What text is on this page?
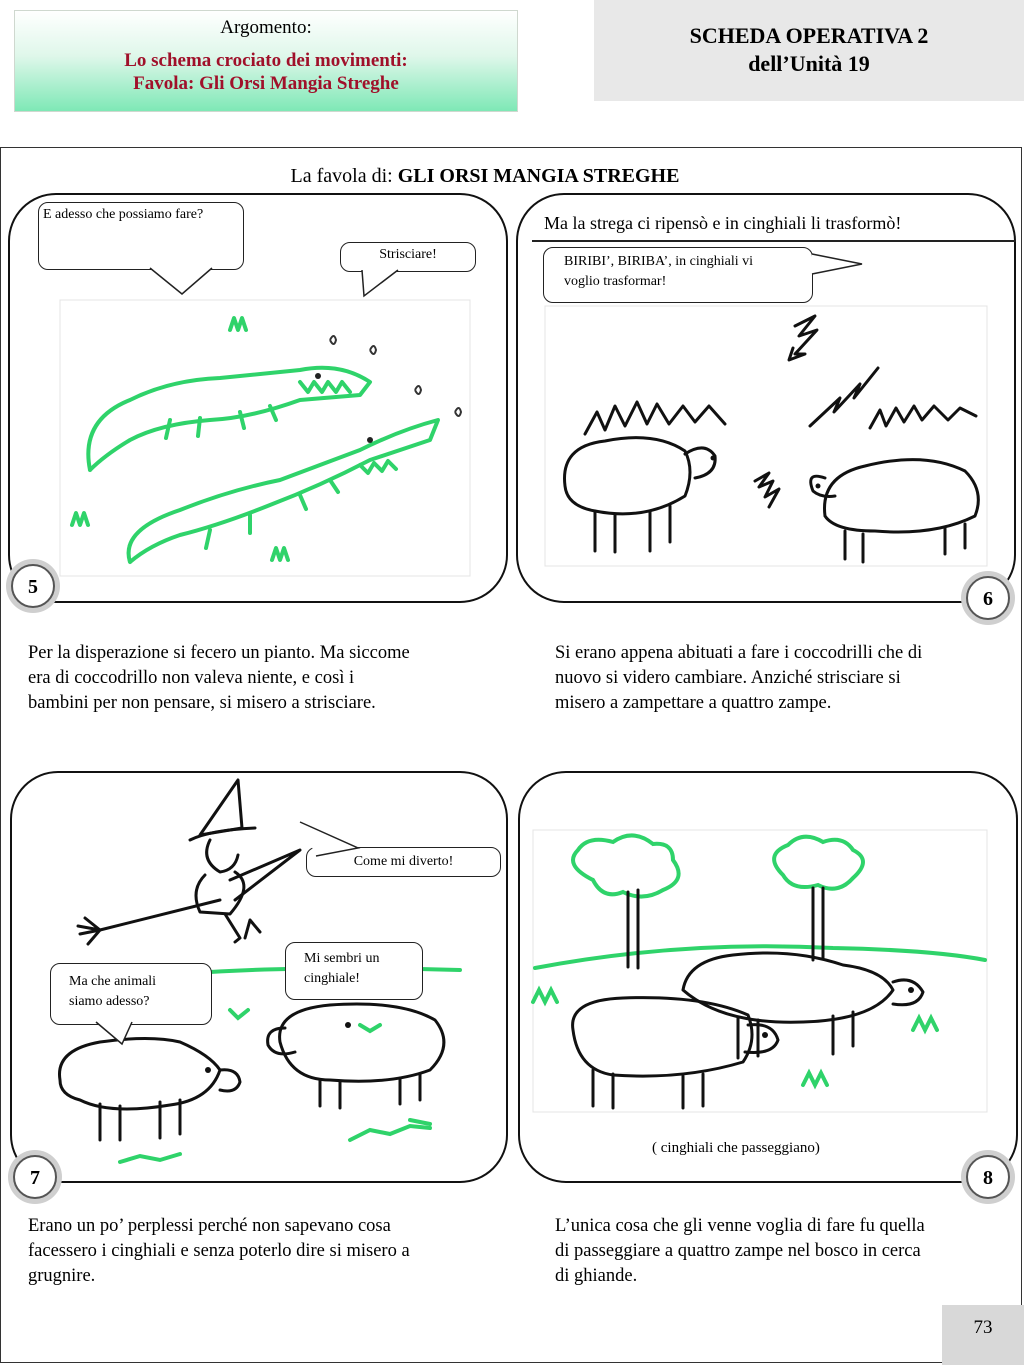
Argomento:
Lo schema crociato dei movimenti:
Favola: Gli Orsi Mangia Streghe
SCHEDA OPERATIVA 2
dell’Unità 19
La favola di: GLI ORSI MANGIA STREGHE
E adesso che possiamo fare?
Strisciare!
5
Ma la strega ci ripensò e in cinghiali li trasformò!
BIRIBI’, BIRIBA’, in cinghiali vi voglio trasformar!
6
Per la disperazione si fecero un pianto. Ma siccome era di coccodrillo non valeva niente, e così i bambini per non pensare, si misero a strisciare.
Si erano appena abituati a fare i coccodrilli che di nuovo si videro cambiare. Anziché strisciare si misero a zampettare a quattro zampe.
Come mi diverto!
Mi sembri un cinghiale!
Ma che animali siamo adesso?
7
( cinghiali che passeggiano)
8
Erano un po’ perplessi perché non sapevano cosa facessero i cinghiali e senza poterlo dire si misero a grugnire.
L’unica cosa che gli venne voglia di fare fu quella di passeggiare a quattro zampe nel bosco in cerca di ghiande.
73
